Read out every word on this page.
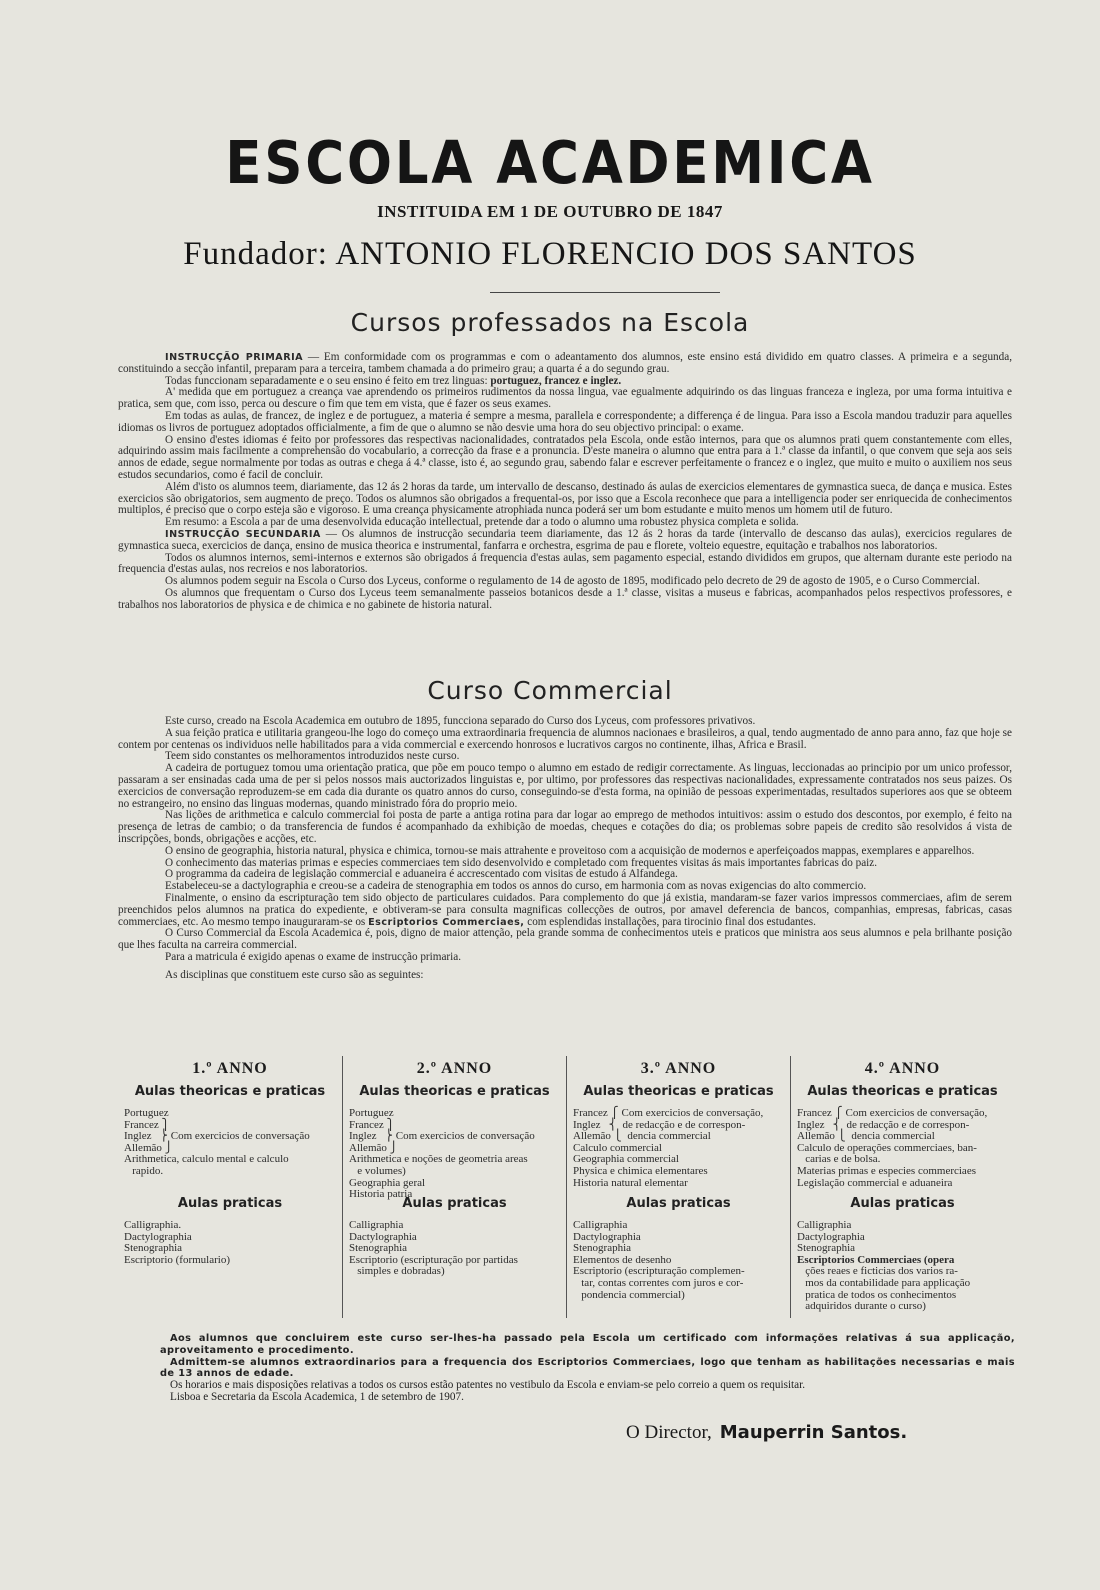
ESCOLA ACADEMICA
INSTITUIDA EM 1 DE OUTUBRO DE 1847
Fundador: ANTONIO FLORENCIO DOS SANTOS
Cursos professados na Escola

INSTRUCÇÃO PRIMARIA — Em conformidade com os programmas e com o adeantamento dos alumnos, este ensino está dividido em quatro classes. A primeira e a segunda, constituindo a secção infantil, preparam para a terceira, tambem chamada a do primeiro grau; a quarta é a do segundo grau.

Todas funccionam separadamente e o seu ensino é feito em trez linguas: portuguez, francez e inglez.

A' medida que em portuguez a creança vae aprendendo os primeiros rudimentos da nossa lingua, vae egualmente adquirindo os das linguas franceza e ingleza, por uma forma intuitiva e pratica, sem que, com isso, perca ou descure o fim que tem em vista, que é fazer os seus exames.

Em todas as aulas, de francez, de inglez e de portuguez, a materia é sempre a mesma, parallela e correspondente; a differença é de lingua. Para isso a Escola mandou traduzir para aquelles idiomas os livros de portuguez adoptados officialmente, a fim de que o alumno se não desvie uma hora do seu objectivo principal: o exame.

O ensino d'estes idiomas é feito por professores das respectivas nacionalidades, contratados pela Escola, onde estão internos, para que os alumnos prati quem constantemente com elles, adquirindo assim mais facilmente a comprehensão do vocabulario, a correcção da frase e a pronuncia. D'este maneira o alumno que entra para a 1.ª classe da infantil, o que convem que seja aos seis annos de edade, segue normalmente por todas as outras e chega á 4.ª classe, isto é, ao segundo grau, sabendo falar e escrever perfeitamente o francez e o inglez, que muito e muito o auxiliem nos seus estudos secundarios, como é facil de concluir.

Além d'isto os alumnos teem, diariamente, das 12 ás 2 horas da tarde, um intervallo de descanso, destinado ás aulas de exercicios elementares de gymnastica sueca, de dança e musica. Estes exercicios são obrigatorios, sem augmento de preço. Todos os alumnos são obrigados a frequental-os, por isso que a Escola reconhece que para a intelligencia poder ser enriquecida de conhecimentos multiplos, é preciso que o corpo esteja são e vigoroso. E uma creança physicamente atrophiada nunca poderá ser um bom estudante e muito menos um homem util de futuro.

Em resumo: a Escola a par de uma desenvolvida educação intellectual, pretende dar a todo o alumno uma robustez physica completa e solida.

INSTRUCÇÃO SECUNDARIA — Os alumnos de instrucção secundaria teem diariamente, das 12 ás 2 horas da tarde (intervallo de descanso das aulas), exercicios regulares de gymnastica sueca, exercicios de dança, ensino de musica theorica e instrumental, fanfarra e orchestra, esgrima de pau e florete, volteio equestre, equitação e trabalhos nos laboratorios.

Todos os alumnos internos, semi-internos e externos são obrigados á frequencia d'estas aulas, sem pagamento especial, estando divididos em grupos, que alternam durante este periodo na frequencia d'estas aulas, nos recreios e nos laboratorios.

Os alumnos podem seguir na Escola o Curso dos Lyceus, conforme o regulamento de 14 de agosto de 1895, modificado pelo decreto de 29 de agosto de 1905, e o Curso Commercial.

Os alumnos que frequentam o Curso dos Lyceus teem semanalmente passeios botanicos desde a 1.ª classe, visitas a museus e fabricas, acompanhados pelos respectivos professores, e trabalhos nos laboratorios de physica e de chimica e no gabinete de historia natural.

Curso Commercial

Este curso, creado na Escola Academica em outubro de 1895, funcciona separado do Curso dos Lyceus, com professores privativos.

A sua feição pratica e utilitaria grangeou-lhe logo do começo uma extraordinaria frequencia de alumnos nacionaes e brasileiros, a qual, tendo augmentado de anno para anno, faz que hoje se contem por centenas os individuos nelle habilitados para a vida commercial e exercendo honrosos e lucrativos cargos no continente, ilhas, Africa e Brasil.

Teem sido constantes os melhoramentos introduzidos neste curso.

A cadeira de portuguez tomou uma orientação pratica, que põe em pouco tempo o alumno em estado de redigir correctamente. As linguas, leccionadas ao principio por um unico professor, passaram a ser ensinadas cada uma de per si pelos nossos mais auctorizados linguistas e, por ultimo, por professores das respectivas nacionalidades, expressamente contratados nos seus paizes. Os exercicios de conversação reproduzem-se em cada dia durante os quatro annos do curso, conseguindo-se d'esta forma, na opinião de pessoas experimentadas, resultados superiores aos que se obteem no estrangeiro, no ensino das linguas modernas, quando ministrado fóra do proprio meio.

Nas lições de arithmetica e calculo commercial foi posta de parte a antiga rotina para dar logar ao emprego de methodos intuitivos: assim o estudo dos descontos, por exemplo, é feito na presença de letras de cambio; o da transferencia de fundos é acompanhado da exhibição de moedas, cheques e cotações do dia; os problemas sobre papeis de credito são resolvidos á vista de inscripções, bonds, obrigações e acções, etc.

O ensino de geographia, historia natural, physica e chimica, tornou-se mais attrahente e proveitoso com a acquisição de modernos e aperfeiçoados mappas, exemplares e apparelhos.

O conhecimento das materias primas e especies commerciaes tem sido desenvolvido e completado com frequentes visitas ás mais importantes fabricas do paiz.

O programma da cadeira de legislação commercial e aduaneira é accrescentado com visitas de estudo á Alfandega.

Estabeleceu-se a dactylographia e creou-se a cadeira de stenographia em todos os annos do curso, em harmonia com as novas exigencias do alto commercio.

Finalmente, o ensino da escripturação tem sido objecto de particulares cuidados. Para complemento do que já existia, mandaram-se fazer varios impressos commerciaes, afim de serem preenchidos pelos alumnos na pratica do expediente, e obtiveram-se para consulta magnificas collecções de outros, por amavel deferencia de bancos, companhias, empresas, fabricas, casas commerciaes, etc. Ao mesmo tempo inauguraram-se os Escriptorios Commerciaes, com esplendidas installações, para tirocinio final dos estudantes.

O Curso Commercial da Escola Academica é, pois, digno de maior attenção, pela grande somma de conhecimentos uteis e praticos que ministra aos seus alumnos e pela brilhante posição que lhes faculta na carreira commercial.

Para a matricula é exigido apenas o exame de instrucção primaria.

As disciplinas que constituem este curso são as seguintes:

1.º ANNO
Aulas theoricas e praticas
Portuguez
Francez ⎫
Inglez   ⎬ Com exercicios de conversação
Allemão ⎭
Arithmetica, calculo mental e calculo
rapido.
Aulas praticas
Calligraphia.
Dactylographia
Stenographia
Escriptorio (formulario)
2.º ANNO
Aulas theoricas e praticas
Portuguez
Francez ⎫
Inglez   ⎬ Com exercicios de conversação
Allemão ⎭
Arithmetica e noções de geometria areas
e volumes)
Geographia geral
Historia patria
Aulas praticas
Calligraphia
Dactylographia
Stenographia
Escriptorio (escripturação por partidas
simples e dobradas)
3.º ANNO
Aulas theoricas e praticas
Francez ⎧ Com exercicios de conversação,
Inglez   ⎨  de redacção e de correspon-
Allemão ⎩  dencia commercial
Calculo commercial
Geographia commercial
Physica e chimica elementares
Historia natural elementar
Aulas praticas
Calligraphia
Dactylographia
Stenographia
Elementos de desenho
Escriptorio (escripturação complemen-
tar, contas correntes com juros e cor-
pondencia commercial)
4.º ANNO
Aulas theoricas e praticas
Francez ⎧ Com exercicios de conversação,
Inglez   ⎨  de redacção e de correspon-
Allemão ⎩  dencia commercial
Calculo de operações commerciaes, ban-
carias e de bolsa.
Materias primas e especies commerciaes
Legislação commercial e aduaneira
Aulas praticas
Calligraphia
Dactylographia
Stenographia
Escriptorios Commerciaes (opera
ções reaes e ficticias dos varios ra-
mos da contabilidade para applicação
pratica de todos os conhecimentos
adquiridos durante o curso)

Aos alumnos que concluirem este curso ser-lhes-ha passado pela Escola um certificado com informações relativas á sua applicação, aproveitamento e procedimento.

Admittem-se alumnos extraordinarios para a frequencia dos Escriptorios Commerciaes, logo que tenham as habilitações necessarias e mais de 13 annos de edade.

Os horarios e mais disposições relativas a todos os cursos estão patentes no vestibulo da Escola e enviam-se pelo correio a quem os requisitar.

Lisboa e Secretaria da Escola Academica, 1 de setembro de 1907.

O Director, Mauperrin Santos.
